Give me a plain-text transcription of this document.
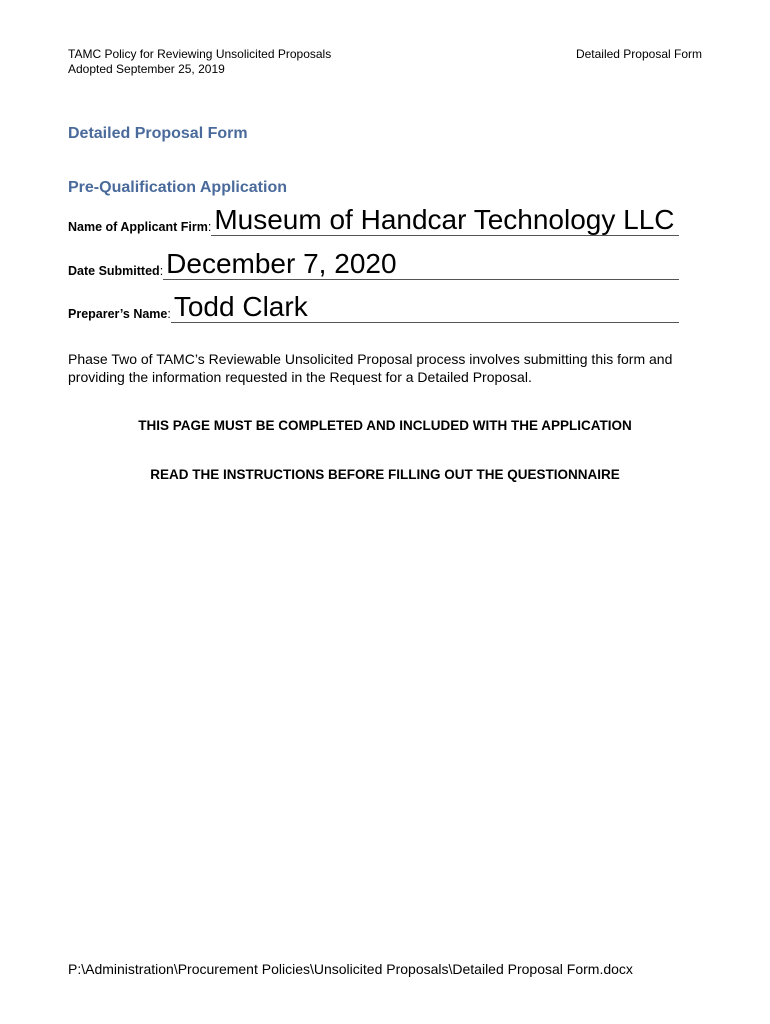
TAMC Policy for Reviewing Unsolicited Proposals
Adopted September 25, 2019
Detailed Proposal Form
Detailed Proposal Form
Pre-Qualification Application
Name of Applicant Firm: Museum of Handcar Technology LLC
Date Submitted: December 7, 2020
Preparer’s Name: Todd Clark
Phase Two of TAMC’s Reviewable Unsolicited Proposal process involves submitting this form and providing the information requested in the Request for a Detailed Proposal.
THIS PAGE MUST BE COMPLETED AND INCLUDED WITH THE APPLICATION
READ THE INSTRUCTIONS BEFORE FILLING OUT THE QUESTIONNAIRE
P:\Administration\Procurement Policies\Unsolicited Proposals\Detailed Proposal Form.docx
